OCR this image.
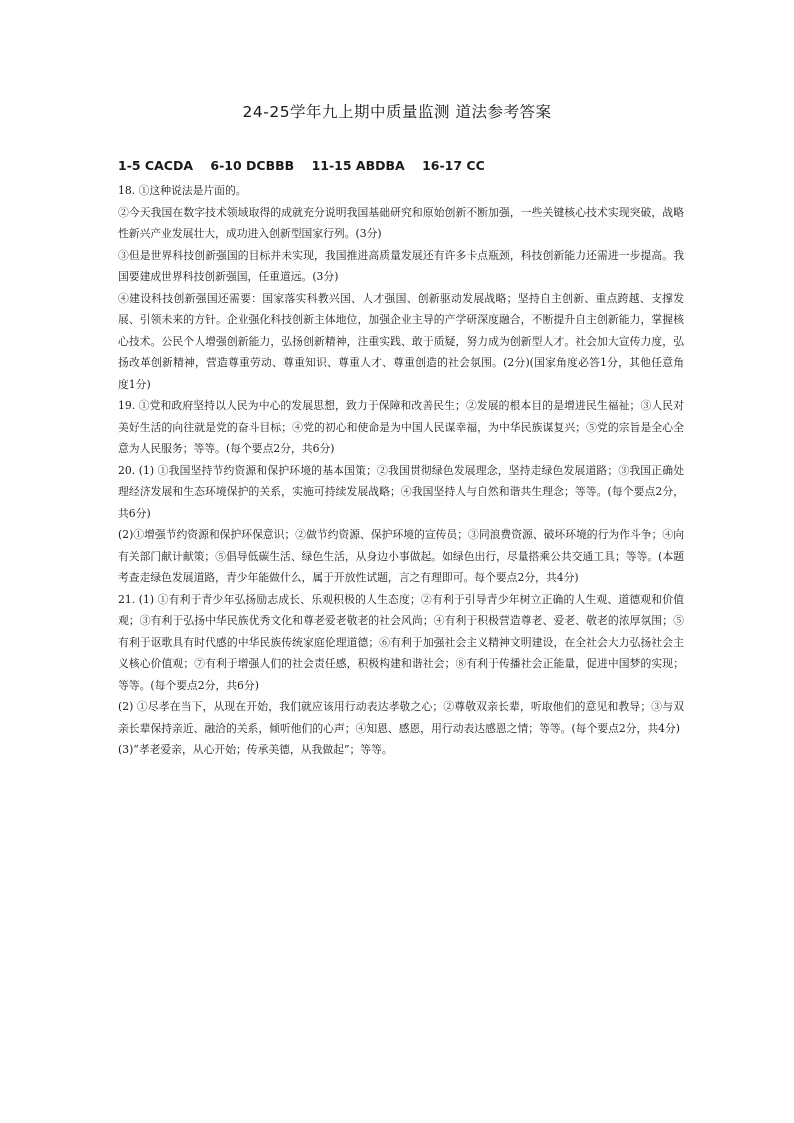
24-25学年九上期中质量监测 道法参考答案
1-5 CACDA    6-10 DCBBB    11-15 ABDBA    16-17 CC

18. ①这种说法是片面的。

②今天我国在数字技术领域取得的成就充分说明我国基础研究和原始创新不断加强，一些关键核心技术实现突破，战略性新兴产业发展壮大，成功进入创新型国家行列。(3分)

③但是世界科技创新强国的目标并未实现，我国推进高质量发展还有许多卡点瓶颈，科技创新能力还需进一步提高。我国要建成世界科技创新强国，任重道远。(3分)

④建设科技创新强国还需要：国家落实科教兴国、人才强国、创新驱动发展战略；坚持自主创新、重点跨越、支撑发展、引领未来的方针。企业强化科技创新主体地位，加强企业主导的产学研深度融合，不断提升自主创新能力，掌握核心技术。公民个人增强创新能力，弘扬创新精神，注重实践、敢于质疑，努力成为创新型人才。社会加大宣传力度，弘扬改革创新精神，营造尊重劳动、尊重知识、尊重人才、尊重创造的社会氛围。(2分)(国家角度必答1分，其他任意角度1分)

19. ①党和政府坚持以人民为中心的发展思想，致力于保障和改善民生；②发展的根本目的是增进民生福祉；③人民对美好生活的向往就是党的奋斗目标；④党的初心和使命是为中国人民谋幸福，为中华民族谋复兴；⑤党的宗旨是全心全意为人民服务；等等。(每个要点2分，共6分)

20. (1) ①我国坚持节约资源和保护环境的基本国策；②我国贯彻绿色发展理念，坚持走绿色发展道路；③我国正确处理经济发展和生态环境保护的关系，实施可持续发展战略；④我国坚持人与自然和谐共生理念；等等。(每个要点2分，共6分)

(2)①增强节约资源和保护环保意识；②做节约资源、保护环境的宣传员；③同浪费资源、破坏环境的行为作斗争；④向有关部门献计献策；⑤倡导低碳生活、绿色生活，从身边小事做起。如绿色出行，尽量搭乘公共交通工具；等等。(本题考查走绿色发展道路，青少年能做什么，属于开放性试题，言之有理即可。每个要点2分，共4分)

21. (1) ①有利于青少年弘扬励志成长、乐观积极的人生态度；②有利于引导青少年树立正确的人生观、道德观和价值观；③有利于弘扬中华民族优秀文化和尊老爱老敬老的社会风尚；④有利于积极营造尊老、爱老、敬老的浓厚氛围；⑤有利于讴歌具有时代感的中华民族传统家庭伦理道德；⑥有利于加强社会主义精神文明建设，在全社会大力弘扬社会主义核心价值观；⑦有利于增强人们的社会责任感，积极构建和谐社会；⑧有利于传播社会正能量，促进中国梦的实现；等等。(每个要点2分，共6分)

(2) ①尽孝在当下，从现在开始，我们就应该用行动表达孝敬之心；②尊敬双亲长辈，听取他们的意见和教导；③与双亲长辈保持亲近、融洽的关系，倾听他们的心声；④知恩、感恩，用行动表达感恩之情；等等。(每个要点2分，共4分)

(3)“孝老爱亲，从心开始；传承美德，从我做起”；等等。
